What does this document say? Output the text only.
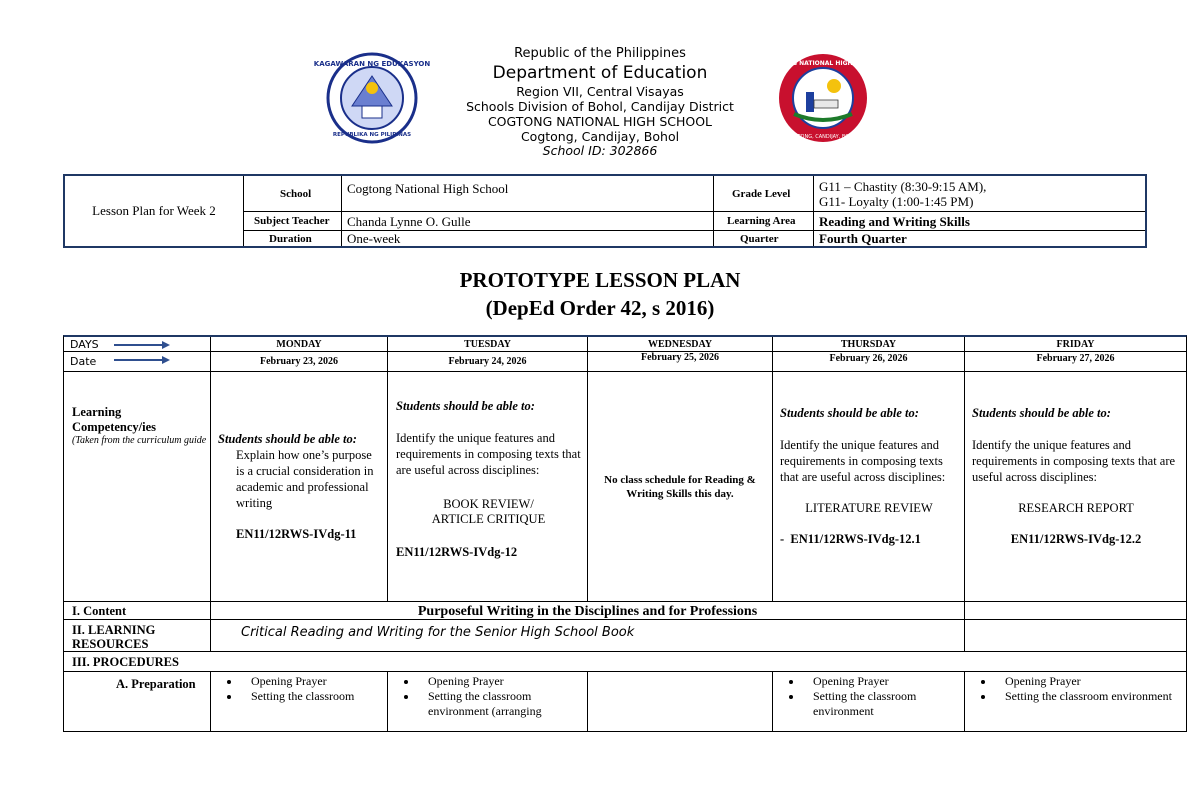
KAGAWARAN NG EDUKASYON
REPUBLIKA NG PILIPINAS
COGTONG NATIONAL HIGH SCHOOL
COGTONG, CANDIJAY, BOHOL
Republic of the Philippines
Department of Education
Region VII, Central Visayas
Schools Division of Bohol, Candijay District
COGTONG NATIONAL HIGH SCHOOL
Cogtong, Candijay, Bohol
School ID: 302866
Lesson Plan for Week 2
School	Cogtong National High School	Grade Level G11 – Chastity (8:30-9:15 AM),
G11- Loyalty (1:00-1:45 PM)
Subject Teacher	Chanda Lynne O. Gulle	Learning Area	Reading and Writing Skills
Duration	One-week	Quarter	Fourth Quarter
PROTOTYPE LESSON PLAN
(DepEd Order 42, s 2016)
DAYS	MONDAY	TUESDAY	WEDNESDAY	THURSDAY	FRIDAY
Date	February 23, 2026	February 24, 2026	February 25, 2026	February 26, 2026	February 27, 2026
Learning
Competency/ies
(Taken from the curriculum guide Students should be able to:
Explain how one’s purpose is a crucial consideration in academic and professional writing
EN11/12RWS-IVdg-11
Students should be able to:
Identify the unique features and requirements in composing texts that are useful across disciplines:
BOOK REVIEW/
ARTICLE CRITIQUE
EN11/12RWS-IVdg-12
No class schedule for Reading & Writing Skills this day.
Students should be able to:
Identify the unique features and requirements in composing texts that are useful across disciplines:
LITERATURE REVIEW
- EN11/12RWS-IVdg-12.1
Students should be able to:
Identify the unique features and requirements in composing texts that are useful across disciplines:
RESEARCH REPORT
EN11/12RWS-IVdg-12.2
I. Content	Purposeful Writing in the Disciplines and for Professions
II. LEARNING
RESOURCES
Critical Reading and Writing for the Senior High School Book
III. PROCEDURES
A. Preparation
•	Opening Prayer
• Setting the classroom
• Opening Prayer
• Setting the classroom environment (arranging
• Opening Prayer
• Setting the classroom environment
• Opening Prayer
• Setting the classroom environment
